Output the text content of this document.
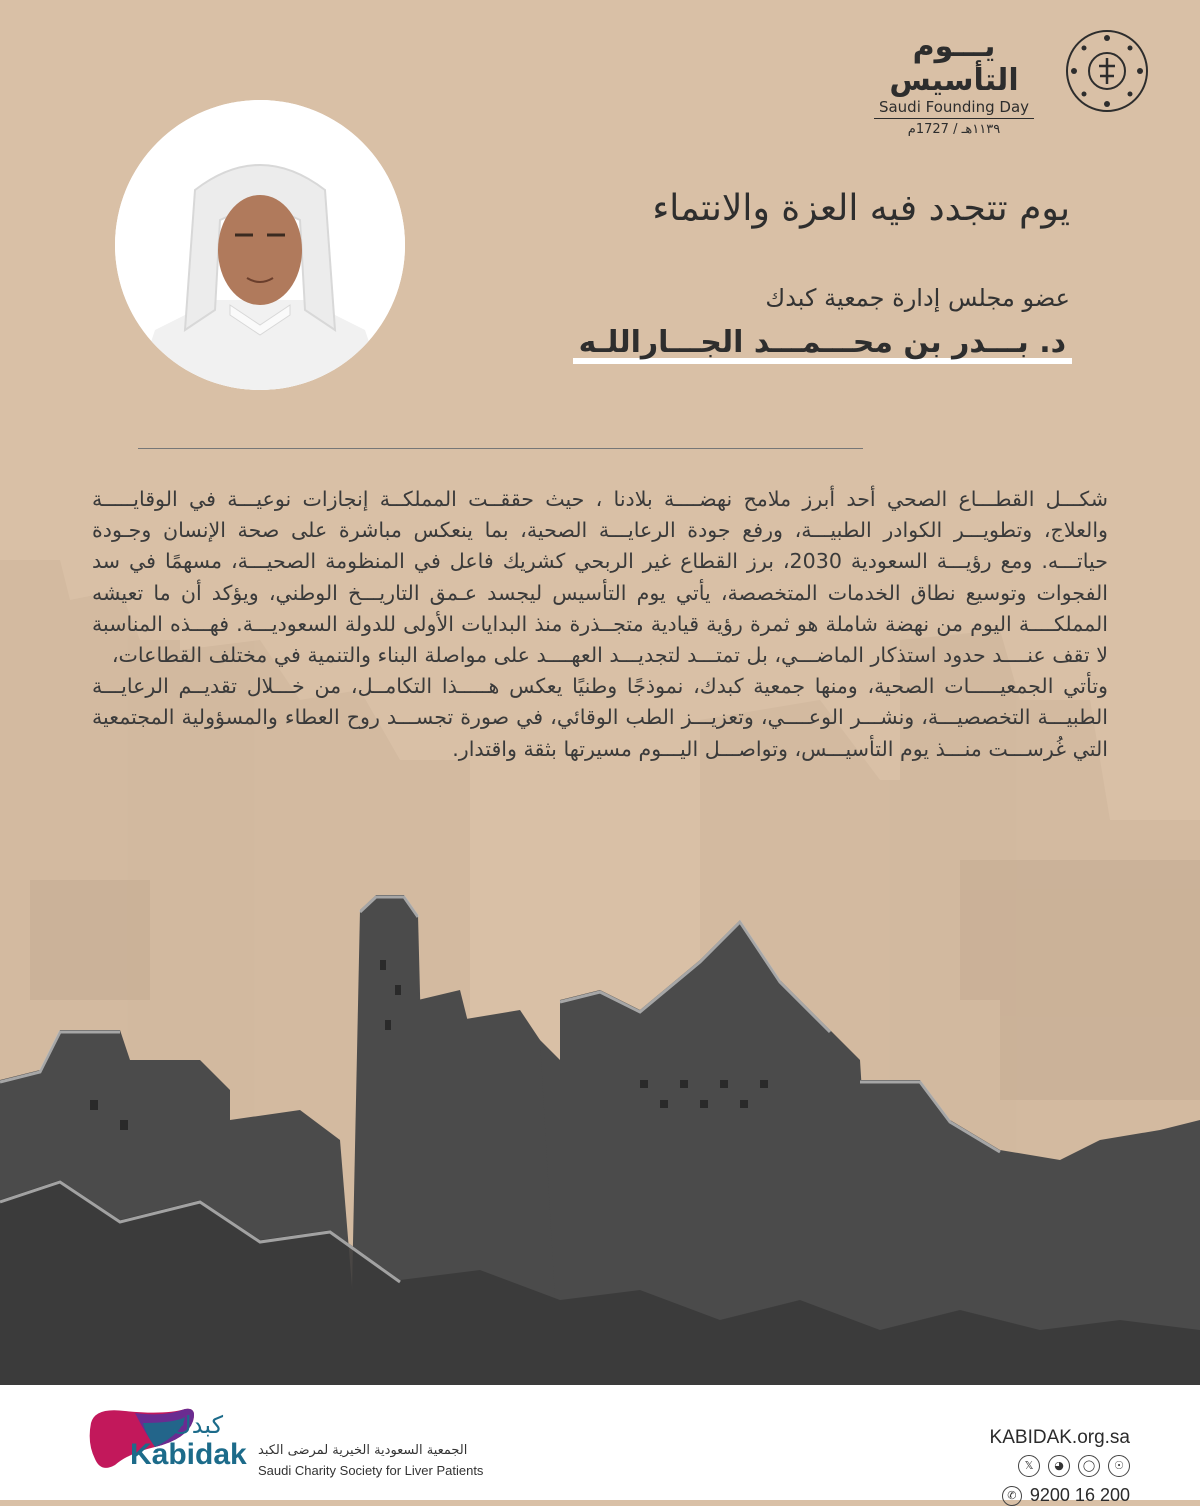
يـــوم التأسيس
Saudi Founding Day
١١٣٩هـ / 1727م
يوم تتجدد فيه العزة والانتماء
عضو مجلس إدارة جمعية كبدك
د. بـــدر بن محـــمـــد الجـــاراللـه

شكـــل القطـــاع الصحي أحد أبرز ملامح نهضــــة بلادنا ، حيث حققــت المملكــة إنجازات نوعيـــة في الوقايـــــة والعلاج، وتطويـــر الكوادر الطبيـــة، ورفع جودة الرعايـــة الصحية، بما ينعكس مباشرة على صحة الإنسان وجـودة حياتـــه. ومع رؤيـــة السعودية 2030، برز القطاع غير الربحي كشريك فاعل في المنظومة الصحيـــة، مسهمًا في سد الفجوات وتوسيع نطاق الخدمات المتخصصة، يأتي يوم التأسيس ليجسد عـمق التاريـــخ الوطني، ويؤكد أن ما تعيشه المملكــــة اليوم من نهضة شاملة هو ثمرة رؤية قيادية متجــذرة منذ البدايات الأولى للدولة السعوديـــة. فهـــذه المناسبة لا تقف عنــــد حدود استذكار الماضـــي، بل تمتـــد لتجديـــد العهــــد على مواصلة البناء والتنمية في مختلف القطاعات،

وتأتي الجمعيـــــات الصحية، ومنها جمعية كبدك، نموذجًا وطنيًا يعكس هـــــذا التكامــل، من خـــلال تقديــم الرعايـــة الطبيـــة التخصصيـــة، ونشـــر الوعــــي، وتعزيـــز الطب الوقائي، في صورة تجســـد روح العطاء والمسؤولية المجتمعية التي غُرســـت منـــذ يوم التأسيـــس، وتواصـــل اليـــوم مسيرتها بثقة واقتدار.

كبدك
Kabidak الجمعية السعودية الخيرية لمرضى الكبد
Saudi Charity Society for Liver Patients
KABIDAK.org.sa
𝕏	◕	◯	☉
✆ 9200 16 200
